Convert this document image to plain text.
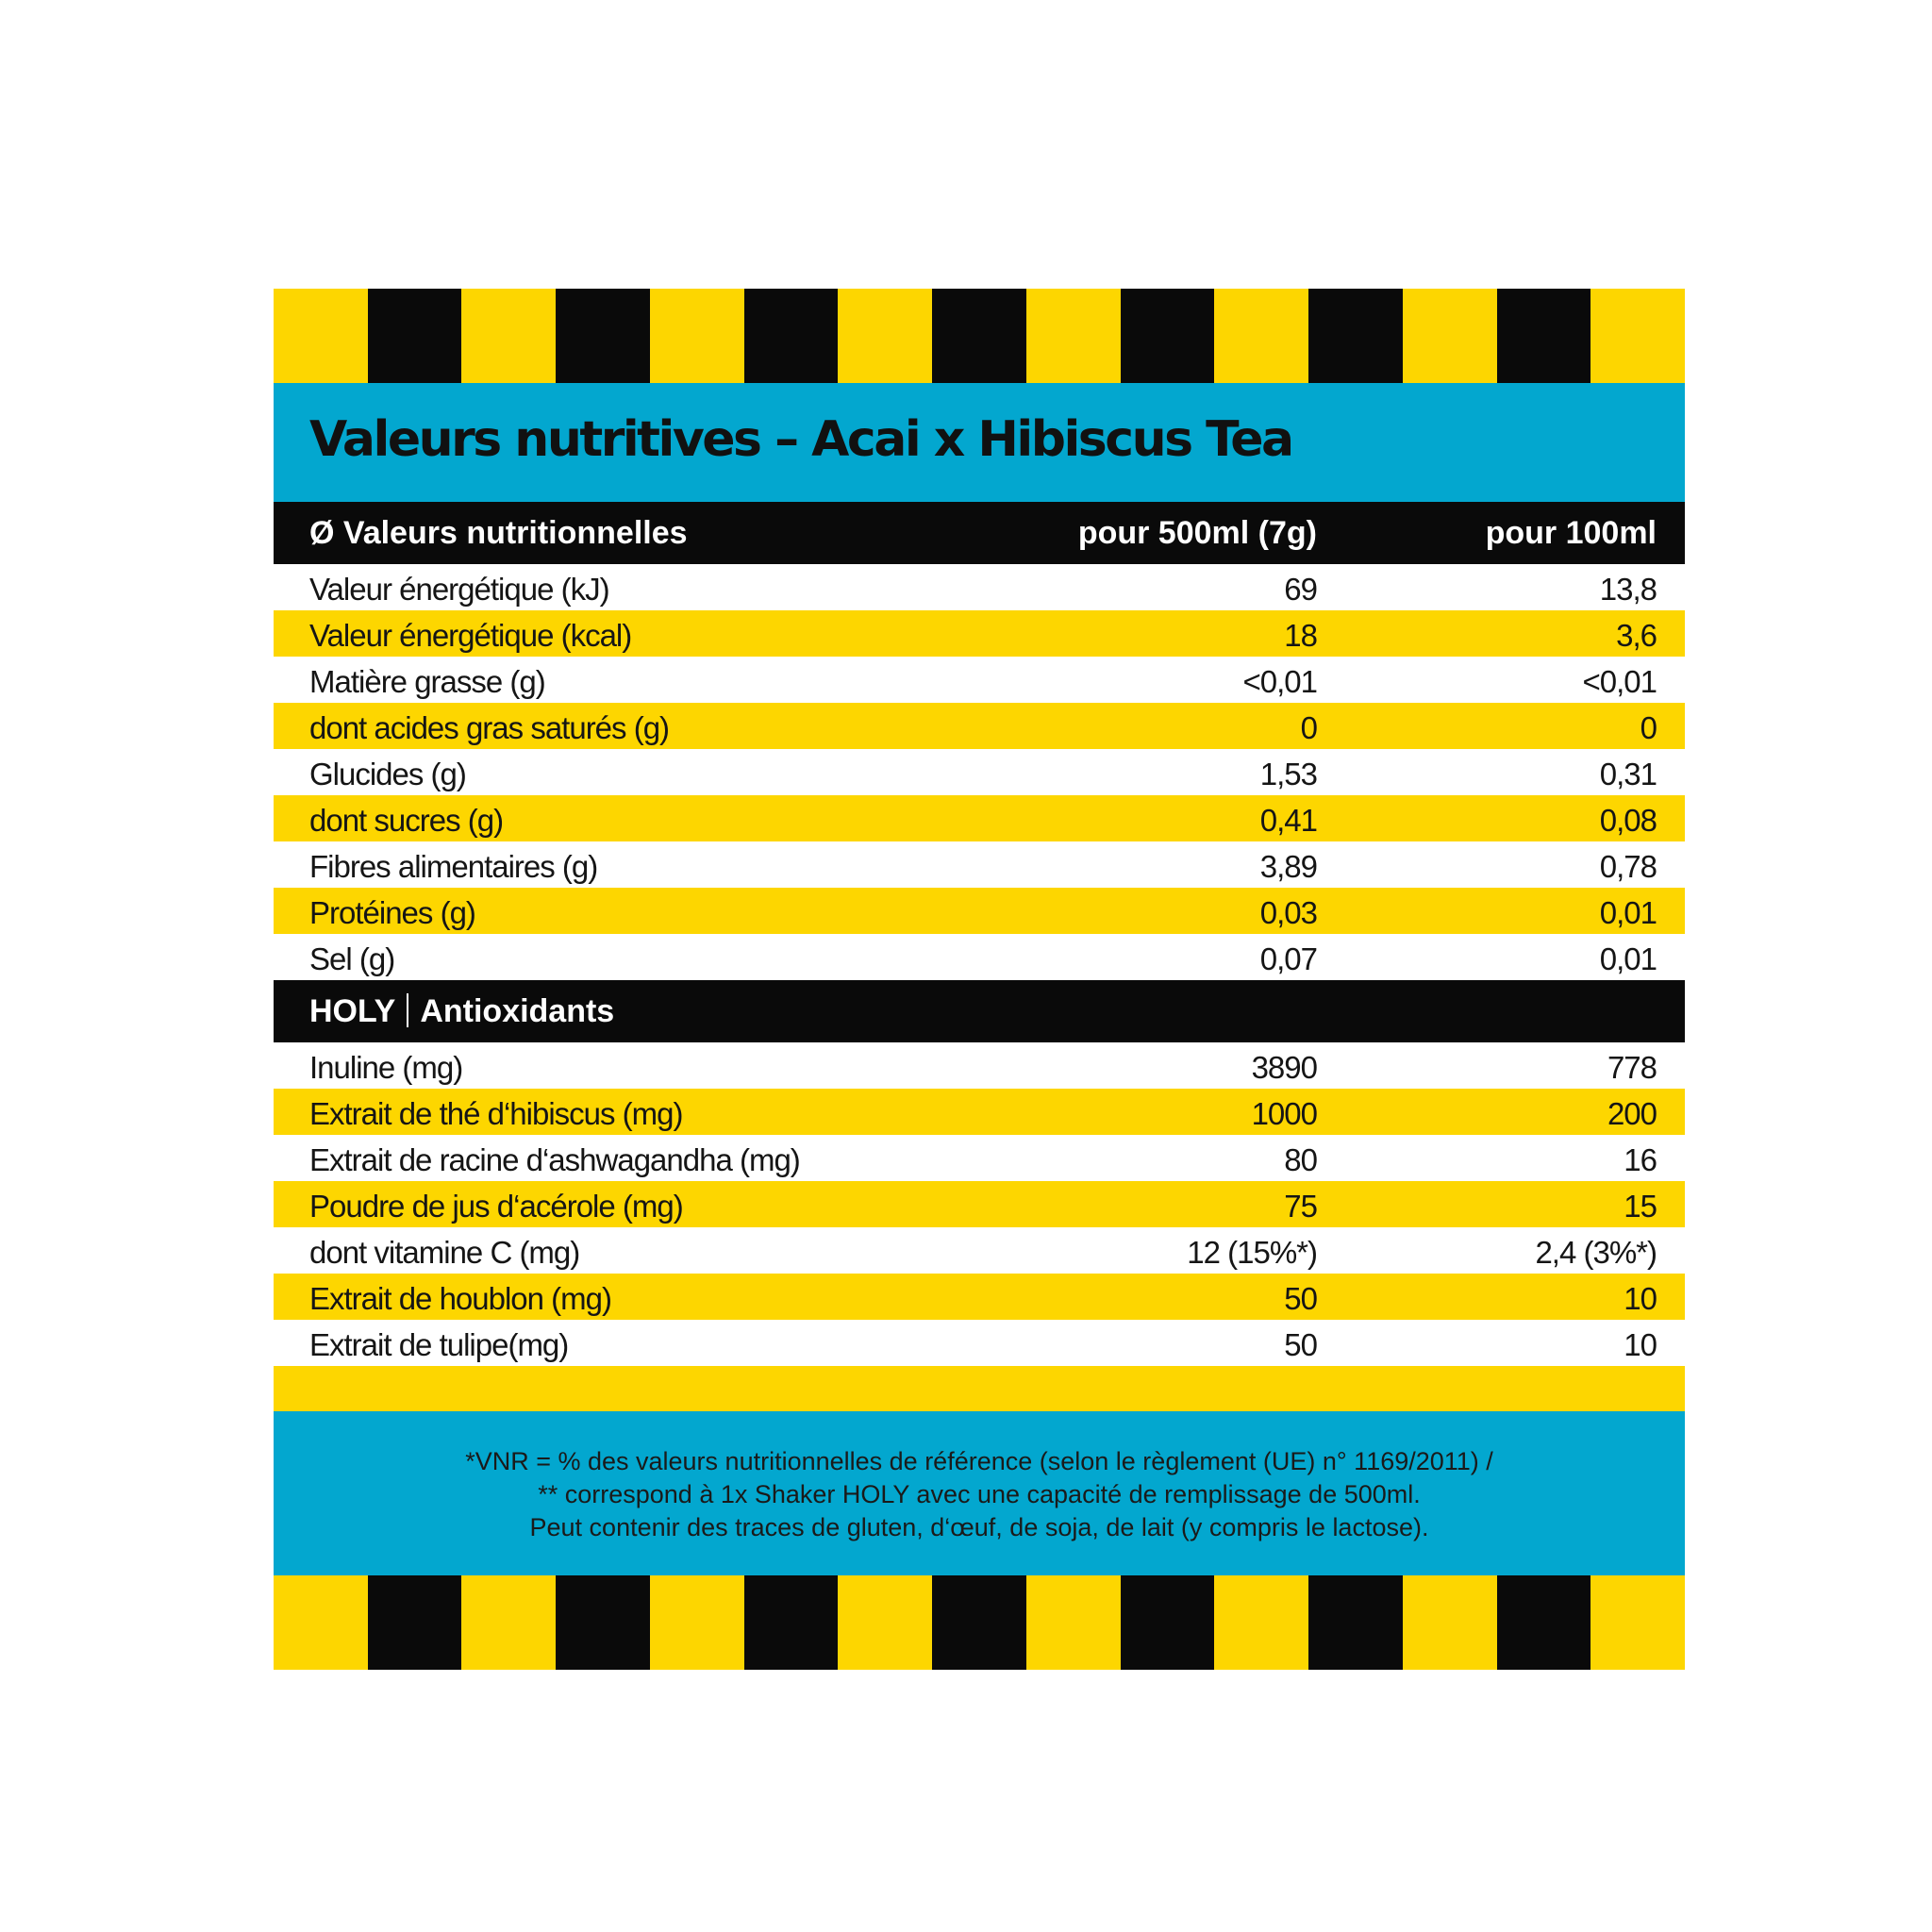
Valeurs nutritives – Acai x Hibiscus Tea
Ø Valeurs nutritionnelles	pour 500ml (7g)	pour 100ml
Valeur énergétique (kJ)	69	13,8
Valeur énergétique (kcal)	18	3,6
Matière grasse (g)	<0,01	<0,01
dont acides gras saturés (g)	0	0
Glucides (g)	1,53	0,31
dont sucres (g)	0,41	0,08
Fibres alimentaires (g)	3,89	0,78
Protéines (g)	0,03	0,01
Sel (g)	0,07	0,01
HOLY Antioxidants
Inuline (mg)	3890	778
Extrait de thé d‘hibiscus (mg)	1000	200
Extrait de racine d‘ashwagandha (mg)	80	16
Poudre de jus d‘acérole (mg)	75	15
dont vitamine C (mg)	12 (15%*)	2,4 (3%*)
Extrait de houblon (mg)	50	10
Extrait de tulipe(mg)	50	10
*VNR = % des valeurs nutritionnelles de référence (selon le règlement (UE) n° 1169/2011) /
** correspond à 1x Shaker HOLY avec une capacité de remplissage de 500ml.
Peut contenir des traces de gluten, d‘œuf, de soja, de lait (y compris le lactose).
